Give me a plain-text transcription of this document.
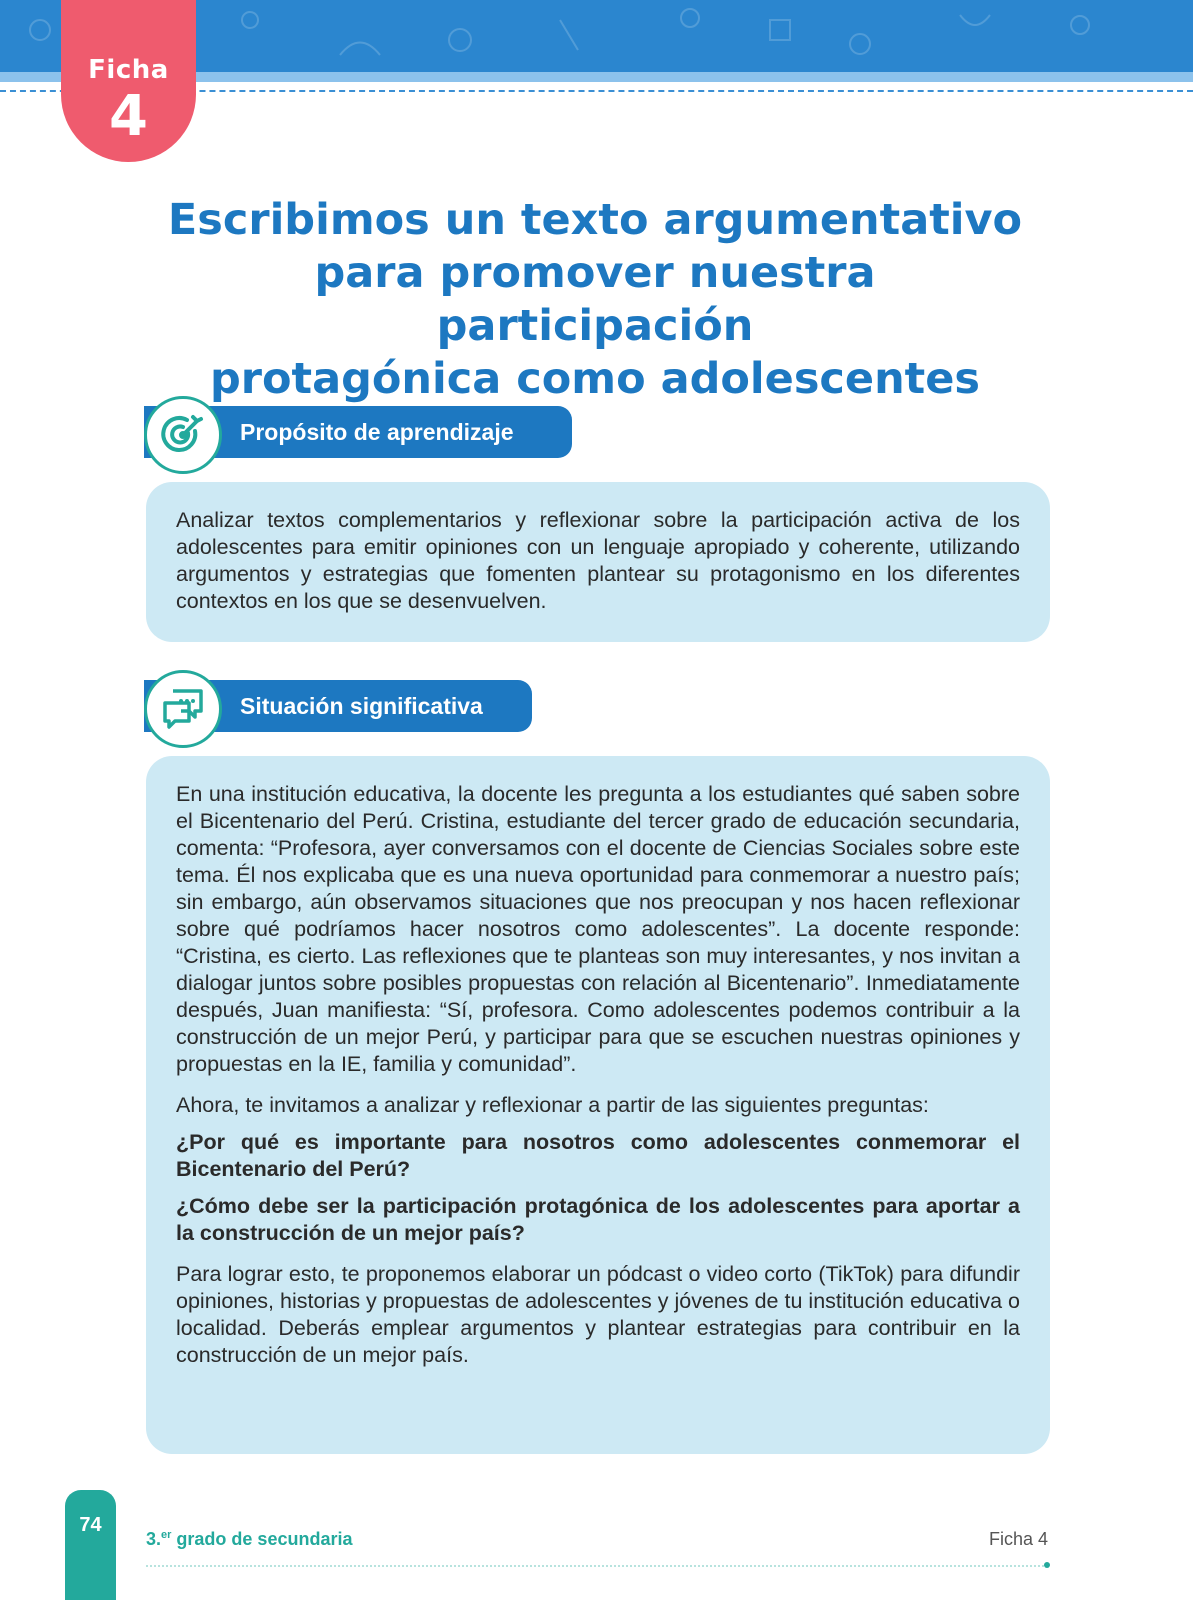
Ficha
4
Escribimos un texto argumentativo
para promover nuestra participación
protagónica como adolescentes
Propósito de aprendizaje

Analizar textos complementarios y reflexionar sobre la participación activa de los adolescentes para emitir opiniones con un lenguaje apropiado y coherente, utilizando argumentos y estrategias que fomenten plantear su protagonismo en los diferentes contextos en los que se desenvuelven.

Situación significativa

En una institución educativa, la docente les pregunta a los estudiantes qué saben sobre el Bicentenario del Perú. Cristina, estudiante del tercer grado de educación secundaria, comenta: “Profesora, ayer conversamos con el docente de Ciencias Sociales sobre este tema. Él nos explicaba que es una nueva oportunidad para conmemorar a nuestro país; sin embargo, aún observamos situaciones que nos preocupan y nos hacen reflexionar sobre qué podríamos hacer nosotros como adolescentes”. La docente responde: “Cristina, es cierto. Las reflexiones que te planteas son muy interesantes, y nos invitan a dialogar juntos sobre posibles propuestas con relación al Bicentenario”. Inmediatamente después, Juan manifiesta: “Sí, profesora. Como adolescentes podemos contribuir a la construcción de un mejor Perú, y participar para que se escuchen nuestras opiniones y propuestas en la IE, familia y comunidad”.

Ahora, te invitamos a analizar y reflexionar a partir de las siguientes preguntas:

¿Por qué es importante para nosotros como adolescentes conmemorar el Bicentenario del Perú?

¿Cómo debe ser la participación protagónica de los adolescentes para aportar a la construcción de un mejor país?

Para lograr esto, te proponemos elaborar un pódcast o video corto (TikTok) para difundir opiniones, historias y propuestas de adolescentes y jóvenes de tu institución educativa o localidad. Deberás emplear argumentos y plantear estrategias para contribuir en la construcción de un mejor país.

74
3.$^{er}$ grado de secundaria	Ficha 4
